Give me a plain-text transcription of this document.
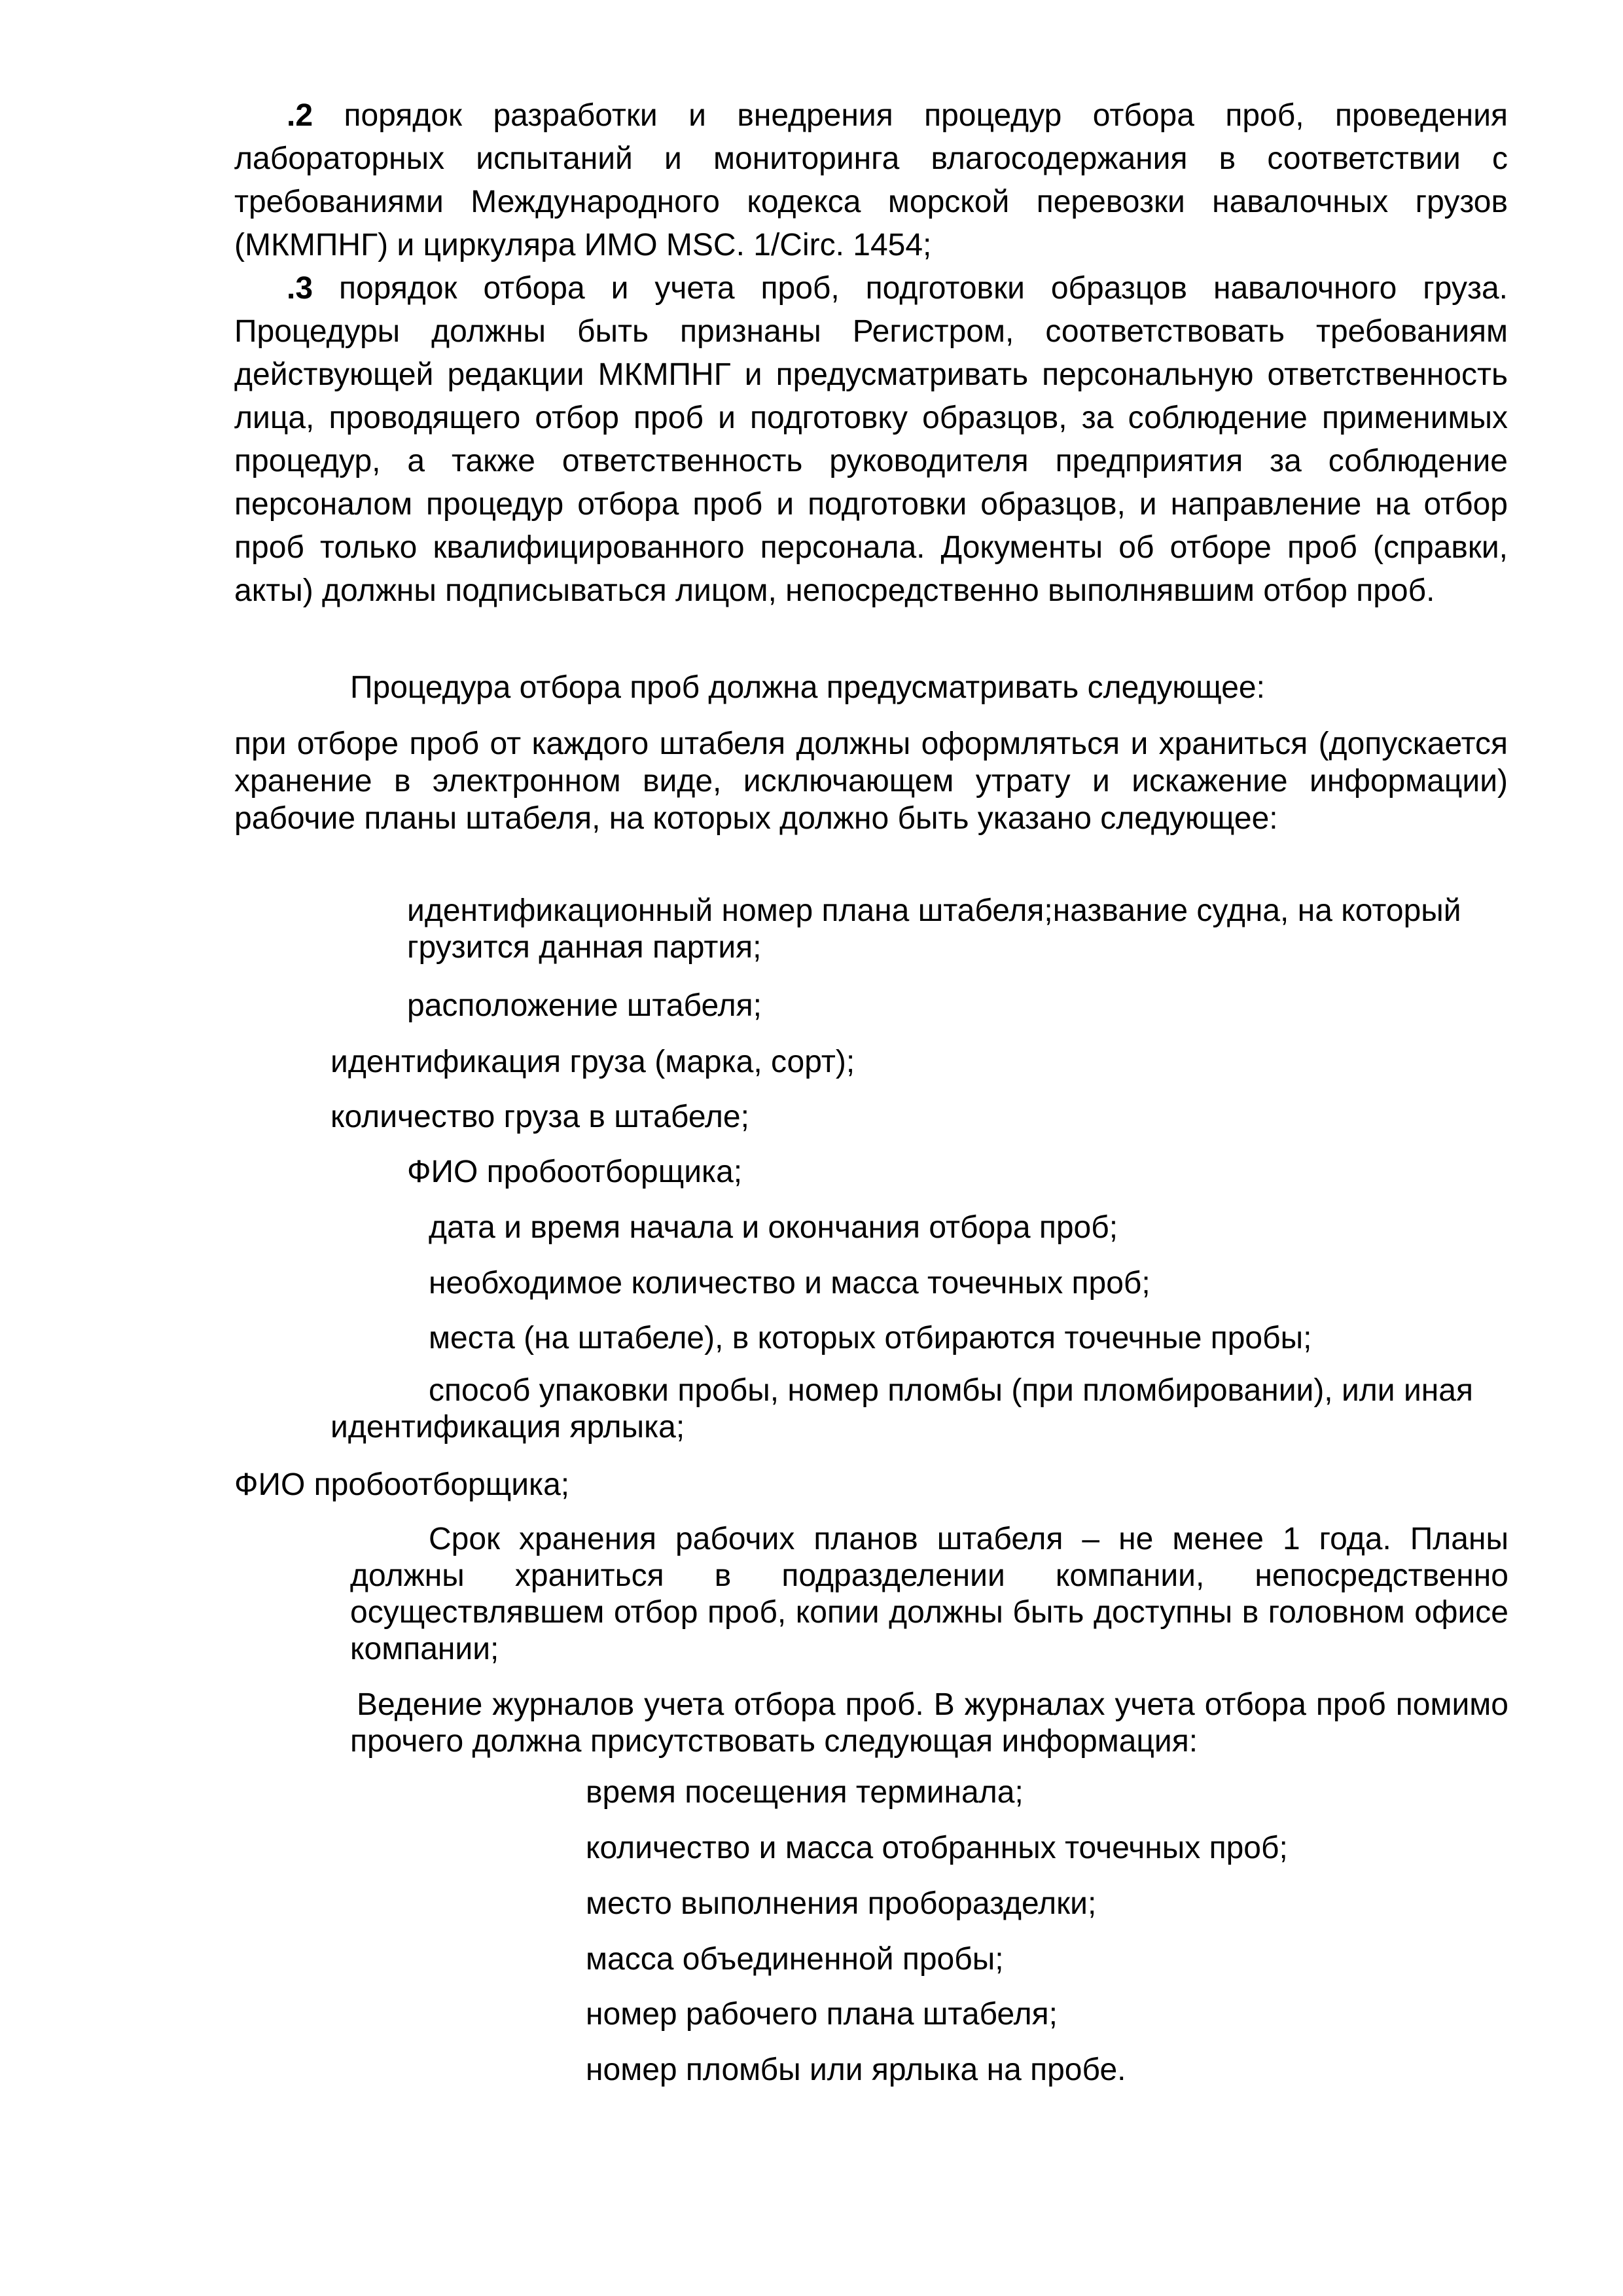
.2 порядок разработки и внедрения процедур отбора проб, проведения лабораторных испытаний и мониторинга влагосодержания в соответствии с требованиями Международного кодекса морской перевозки навалочных грузов (МКМПНГ) и циркуляра ИМО MSC. 1/Circ. 1454;

.3 порядок отбора и учета проб, подготовки образцов навалочного груза. Процедуры должны быть признаны Регистром, соответствовать требованиям действующей редакции МКМПНГ и предусматривать персональную ответственность лица, проводящего отбор проб и подготовку образцов, за соблюдение применимых процедур, а также ответственность руководителя предприятия за соблюдение персоналом процедур отбора проб и подготовки образцов, и направление на отбор проб только квалифицированного персонала. Документы об отборе проб (справки, акты) должны подписываться лицом, непосредственно выполнявшим отбор проб.

Процедура отбора проб должна предусматривать следующее:

при отборе проб от каждого штабеля должны оформляться и храниться (допускается хранение в электронном виде, исключающем утрату и искажение информации) рабочие планы штабеля, на которых должно быть указано следующее:

идентификационный номер плана штабеля;название судна, на который грузится данная партия;

расположение штабеля;

идентификация груза (марка, сорт);

количество груза в штабеле;

ФИО пробоотборщика;

дата и время начала и окончания отбора проб;

необходимое количество и масса точечных проб;

места (на штабеле), в которых отбираются точечные пробы;

способ упаковки пробы, номер пломбы (при пломбировании), или иная идентификация ярлыка;

ФИО пробоотборщика;

Срок хранения рабочих планов штабеля – не менее 1 года. Планы должны храниться в подразделении компании, непосредственно осуществлявшем отбор проб, копии должны быть доступны в головном офисе компании;

Ведение журналов учета отбора проб. В журналах учета отбора проб помимо прочего должна присутствовать следующая информация:

время посещения терминала;

количество и масса отобранных точечных проб;

место выполнения проборазделки;

масса объединенной пробы;

номер рабочего плана штабеля;

номер пломбы или ярлыка на пробе.
